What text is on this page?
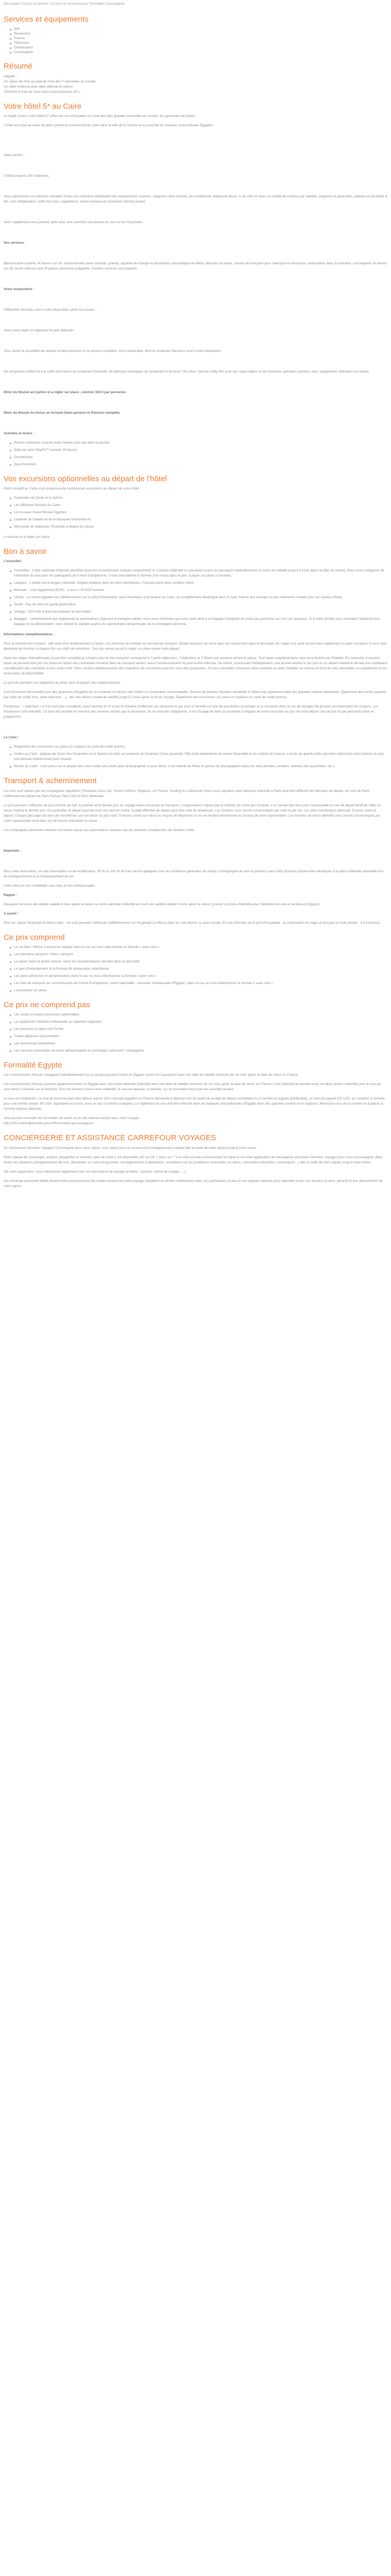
Description Ce prix comprend / Ce prix ne comprend pas Formalités Conciergerie
Services et équipements
Wifi
Restaurant
Piscine
Télévision
Climatisation
Conciergerie
Résumé

Inégalé …

Un séjour de rêve au pied de l'une des 7 merveilles du monde.

Un hôtel moderne pour allier détente et culture.

Transfert et frais de Visa inclus (ressortissants UE )

Votre hôtel 5* au Caire

Le Hyatt Centric Cairo West 5* offre une vue incroyable sur l'une des plus grandes merveilles du monde, les pyramides de Gizeh.

L'hôtel est situé au cœur du pôle culturel et commercial du Caire dans la ville du 6 Octobre et à proximité du nouveau Grand Musée Égyptien.

Votre confort :

L'hôtel propose 250 chambres.

Vous séjournerez en chambre standard Toutes les chambres bénéficient des équipements suivants : baignoire avec douche, air conditionné, téléphone direct, tv de 165 cm avec un variété de chaînes par satellite, peignoirs et pantoufles, plateau ou bouilloire à thé, mini-réfrigérateur, coffre-fort avec supplément, sèche-cheveux et connexion internet gratuit.

Avec supplément vous pourrez opter pour une chambre vue piscine ou vue sur les Pyramides.

Vos services :

Blanchisserie ouverte 24 heures sur 24, stationnement (avec voiturier, gratuit), appareil de change et distributeur automatique de billets, fleuriste sur place, service de transport pour l'aéroport en limousine, restauration dans la chambre, conciergerie 24 heures sur 24, accès Internet sans fil gratuit, personnel polyglotte. Certains services sont payants.

Votre restauration :

Différentes formules sont à votre disposition selon vos envies :

Vous serez logés en logement et petit déjeuner.

Vous aurez la possibilité de rajouter la demi-pension ou la pension complète. Cinq restaurants, dont le restaurant Barrasco sont à votre disposition.

De somptueux buffets et à la carte sont servis au restaurant Pyramids, de délicieux classiques au restaurant et terrasse The View. Sakura Lobby Bar pour des repas légers et des boissons spéciales (certains avec supplément, indication sur place).

Dîner du Nouvel an (option et à régler sur place ; environ 100 € par personne

Dîner du Nouvel An inclus en formule Demi pension et Pension complète

Activités et loisirs :

Piscine extérieure ouverte toute l'année avec bar dans la piscine
Salle de sport StayFit™ ouverte 24 heures
Discothèque
Spa Promotion
Vos excursions optionnelles au départ de l'hôtel

Notre réceptif au Caire vous proposera de nombreuses excursions au départ de votre hôtel :

Pyramides de Gizeh et le Sphinx
Les différents Musées du Caire
Le nouveau Grand Musée Égyptien
Citadelle de Saladin et de la Mosquée Mohamed Ali
Nécropole de Sakkarah, Pyramide à degrés de Djoser

A réserver et à régler sur place.

Bon à savoir

L'essentiel :

Formalités : Carte nationale d'identité plastifiée (pour les ressortissants français uniquement) et 2 photos d'identité ou passeport (carte ou passeport impérativement en cours de validité jusqu'à 6 mois après la date de retour). Nous nous chargeons de l'obtention du visa pour les participants de l'Union Européenne, il vous sera délivré à l'arrivée (non inclus dans le prix, à payer sur place à l'arrivée)
Langues : L'arabe est la langue nationale. Anglais pratiqué dans les lieux touristiques. Français parlé dans certains hôtels
Monnaie : Livre égyptienne (EGP) : 1 euro = 50 EGP environ
Climat : Le climat égyptien est méditerranéen sur la côte d'Alexandrie, semi désertique à la hauteur du Caire, et complètement désertique dans le Sud. Prévoir des lainages et des vêtements chauds pour les soirées d'hiver
Santé : Pas de mise en garde particulière
Voltage : 220 volts à bord des bateaux et des hôtels
Bagages : conformément aux règlements et autorisations régissant le transport aérien, nous vous informons que vous avez droit à un bagage enregistré en soute par personne sur nos vols spéciaux. Si à votre arrivée vous constatez l'absence d'un bagage ou sa détérioration, vous devrez le signaler auprès du représentant aéroportuaire de la compagnie aérienne.

Informations complémentaires :

Pour la formule tout compris : elle varie d'un établissement à l'autre. Les boissons du minibar ne sont jamais incluses. Seules boissons au verre dans les restaurants dans le descriptif, les copas à la carte seront avec supplément à payer sur place. Il vous sera demandé de montrer à chaque fois vos clefs de chambres. Tous les extras seront à régler sur place avant votre départ.

Selon les règles internationales la pension complète (y compris pour le tout compris) correspond à 7 petits-déjeuners, 7 déjeuners et 7 dîners par semaine durant le séjour. Tout repas supplémentaire vous sera facturé par l'hôtelier. En revanche si certains repas ne peuvent être pris sur place en raison des contraintes horaires liées au transport aérien, aucun remboursement ne pourra être effectué. De même, concernant l'hébergement, une arrivée tardive le 1er jour ou un départ matinal le dernier jour impliquent une libération des chambres le jour avant midi. Dans certains établissements des chambres de courtoisies pourront vous être proposées. Si vous souhaitez conserver votre chambre au-delà, l'hôtelier se réserve le droit de vous demander un supplément et sur réservation de disponibilité.

Le port du pantalon est obligatoire au dîner dans la plupart des établissements.

Il est fortement déconseillé pour des questions d'hygiène de se restaurer en dehors des hôtels ou restaurants recommandés. Service de bateaux fluviales variabilité à l'hôtel mais également dans les grandes stations balnéaires. Également des extras payants par carte de crédit Visa, carte bancaire …) ; dès des dîners couple de validité jusqu'à 2 mois après la fin du voyage. Également des excursions sur place en espèces ou carte de crédit (euros).

Pourboires : « bakchich » il n'en sont pas considérés (sauf mention le 15 € par la manière d'effectuer par personne et par jour) à l'arrivée sur une de pourboires à partager et à conserver dans le cas de voyages de groupes et notamment les moyens. Les Pourboires sont indicatifs. Ce taux est variable en fonction des services rendus par le personnel. Ils ne sont pas obligatoires. Il est d'usage de faire un pourboire à l'équipe de votre excursion au jour de votre départ (1€ par jour et par personne selon le programme.

Le Caire :

Règlement des excursions sur place en espèces ou carte de crédit (euros).
Visites au Caire : plateau de Gizeh (les Pyramides et le Sphinx) la visite se compose de l'extérieur d'une pyramide. Elle reste dépendante du temps disponible et du souhait de chacun. L'accès au grand public peut être interrompu sans préavis et pour une période indéterminée pour travaux.
Musée du Caire : Il est prévu sur le plupart des sites visités des droits pour photographier et pour filmer. Il est interdit de filmer et parfois de photographier dans les sites (tombes, temples, intérieur des pyramides, etc.).
Transport & acheminement

Les vols sont opérés par les compagnies régulières (Transavia, Easy Jet, Turkish Airlines, Pegasus, Air France, Vueling ou Lufthansa). Nous vous signalons que l'aéroport d'arrivée à Paris peut être différent de l'aéroport de départ, les vols de Paris s'effectuent au départ de Paris Roissy, Paris Orly et Paris Beauvais.

Le prix peuvent s'effectuer de jour comme de nuit, le premier et le dernier jour du voyage étant consacrés au transport. L'organisateur n'ayant pas la maîtrise du choix des horaires, il se saurait être tenu pour responsable en cas de départ tardif de l'aller ou retour matinal le dernier jour. En particulier, le départ pourrait avoir lieu tard en soirée, la date effective de départ peut être celle du lendemain. Les horaires vous seront communiqués par mail ou par fax, sur votre convocation adressée 10 jours avant le départ. Chaque passager est tenu de reconfirmer son vol retour au plus tard 72 heures avant sur retour au moyen de télephone ou en se rendant directement au bureau de notre représentant. Les horaires de retour définitifs vous seront communiqués par notre représentant local dans les 48 heures précédant le retour.

Les compagnies aériennes utilisées ont toutes reçues les autorisations requises par les autorités compétentes de l'aviation civile.

Important :

Pour cette réservation, en cas d'annulation ou de modification, 50 % ou 100 % de frais seront appliqués (voir les conditions générales de vente) L'orthographe du nom et prénom (sans tiret) d'usines) doivent être identiques à la pièce d'identité présentée lors de l'enregistrement et à l'embarquement du vol.

Cette offre est non modifiable sans frais et non remboursable.

Rappel :

Passeport en cours de validité valable 6 mois après le retour ou carte nationale d'identité en cours de validité valable 6 mois après le retour ( prévoir 2 photos d'identité pour l'obtention du visa à l'arrivée en Egypte )

A savoir :

Pour les séjour Hurghada et Marsa Alam : les vols peuvent s'effectuer indifféremment sur Hurghada ou Marsa Alam en vols directs ou avec escale. En cas d'arrivée via le port d'Hurghada , la continuation du trajet se fera par la route (durée : 3 à 4 heures).

Ce prix comprend
Le vol Aller / Retour à bord d'un régulier dans le cas où vous sélectionnez la formule « avec vols »
Les transferts aéroport / hôtel / aéroport
Le séjour selon la durée choisie, selon les caractéristiques décrites dans le descriptif
Le type d'hébergement et la formule de restauration sélectionné
Les taxes aériennes et aéroportuaires dans le cas où vous sélectionnez la formule « avec vols »
Les frais de visa pour les ressortissants de l'Union Européenne ( autre nationalité - consulter l'ambassade d'Égypte ) dans le cas où vous sélectionnez la formule « avec vols »
L'assistance sur place
Ce prix ne comprend pas
Les visites et toutes excursions optionnelles
Le supplément chambre individuelle ou logement supérieur
Les boissons et repas hors forfait
Toutes dépenses personnelles
Les assurances facultatives
Les hausses éventuelles de taxes aéroportuaires et surcharges carburant / compagnies
Formalité Egypte

Les ressortissants français voyageant individuellement ou en groupe peuvent entrer en Égypte munis d'un passeport avec une date de validité minimum de six mois après la date de retour en France.

Les ressortissants français peuvent également entrer en Égypte avec une carte nationale d'identité avec une date de validité minimum de six mois après la date de retour en France. Il est impératif de prendre avec soi deux photos d'identité pour le visa qui sera remis à l'arrivée sur le territoire. Pour les porteurs d'une carte d'identité, le visa est apposé, à l'arrivée, sur un formulaire fourni par les autorités locales.

Le visa est obligatoire. Le visa de tourisme peut être délivré auprès d'un consulat égyptien en France (demande à déposer très en avant de la date de départ souhaitée) ou à l'arrivée en Egypte (préférable). Le visa est payant (25 USD, au comptoir à l'arrivée, pour une entrée simple, 60 USD, équivalent en Euros, pour un visa à entrées multiples). Le règlement du visa doit être effectué dans les banques internationales d'Égypte dans des guichets ouverts et en espèces. Munissez-vous de la somme en espèces à l'arrivée (facture délivrée).

Vous pouvez consulter les formalités de santé sur le site internet suivant pour votre voyage :

http://XXX.www.diplomatie.gouv.fr/fr/conseils-aux-voyageurs/

CONCIERGERIE ET ASSISTANCE CARREFOUR VOYAGES

En choisissant Carrefour Voyages Conciergerie pour votre séjour, vous optez pour un service d'accompagnement complet dès la veille de votre départ jusqu'à votre retour.

Notre équipe de concierges, experts, polyglottes et humains (pas de robot !) est disponible 24h sur 24, 7 jours sur 7 et à votre écoute exclusivement en ligne et via notre application de messagerie sécurisée Carrefour Voyages pour vous accompagner dans toutes les situations (enregistrement de vols, demandes sur votre programme, renseignements à destination, assistance sur les problèmes rencontrés sur place, réservation d'activités, conciergerie…) dès la veille de votre départ jusqu'à votre retour.

Via notre application, vous retrouverez également tous vos documents de voyage (e-billets, voucher, carnet de voyage, …)

Un concierge personnel dédié devient votre principal point de contact durant tout votre voyage, travaillant en étroite collaboration avec nos partenaires locaux et nos équipes internes pour répondre à tous vos besoins et ainsi, garantir le bon déroulement de votre séjour.
